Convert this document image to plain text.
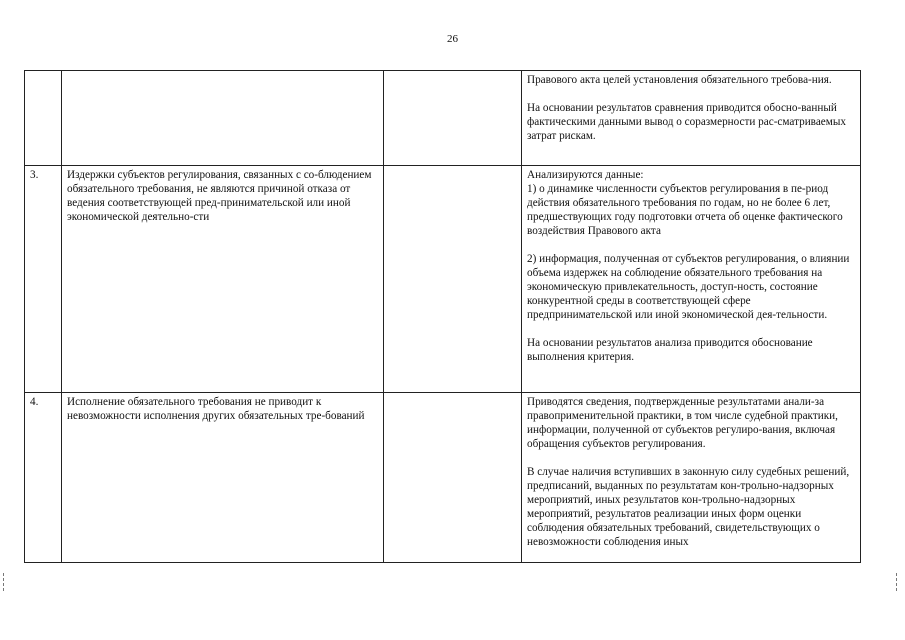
26

			Правового акта целей установления обязательного требова-ния.

На основании результатов сравнения приводится обосно-ванный фактическими данными вывод о соразмерности рас-сматриваемых затрат рискам.

3.	Издержки субъектов регулирования, связанных с со-блюдением обязательного требования, не являются причиной отказа от ведения соответствующей пред-принимательской или иной экономической деятельно-сти		Анализируются данные:
1) о динамике численности субъектов регулирования в пе-риод действия обязательного требования по годам, но не более 6 лет, предшествующих году подготовки отчета об оценке фактического воздействия Правового акта

2) информация, полученная от субъектов регулирования, о влиянии объема издержек на соблюдение обязательного требования на экономическую привлекательность, доступ-ность, состояние конкурентной среды в соответствующей сфере предпринимательской или иной экономической дея-тельности.

На основании результатов анализа приводится обоснование выполнения критерия.

4.	Исполнение обязательного требования не приводит к невозможности исполнения других обязательных тре-бований		Приводятся сведения, подтвержденные результатами анали-за правоприменительной практики, в том числе судебной практики, информации, полученной от субъектов регулиро-вания, включая обращения субъектов регулирования.

В случае наличия вступивших в законную силу судебных решений, предписаний, выданных по результатам кон-трольно-надзорных мероприятий, иных результатов кон-трольно-надзорных мероприятий, результатов реализации иных форм оценки соблюдения обязательных требований, свидетельствующих о невозможности соблюдения иных
